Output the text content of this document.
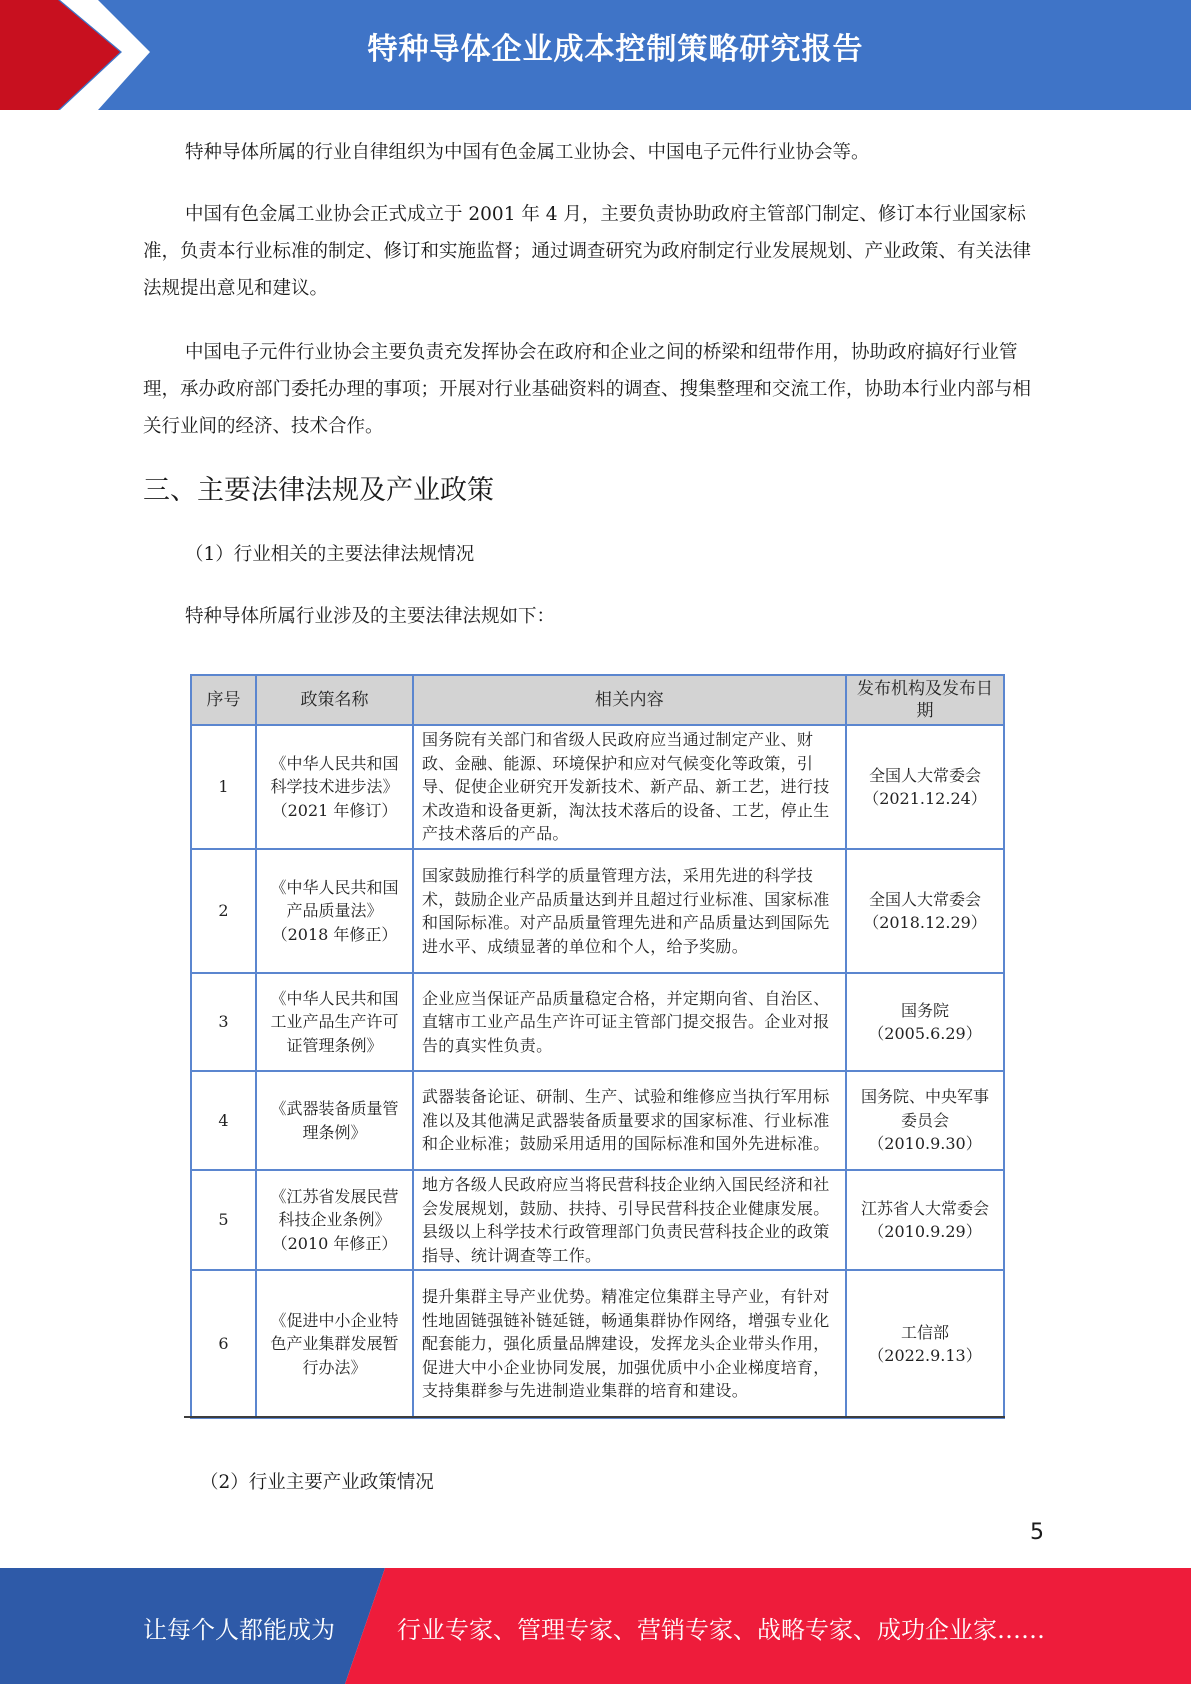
特种导体企业成本控制策略研究报告

特种导体所属的行业自律组织为中国有色金属工业协会、中国电子元件行业协会等。

中国有色金属工业协会正式成立于 2001 年 4 月，主要负责协助政府主管部门制定、修订本行业国家标准，负责本行业标准的制定、修订和实施监督；通过调查研究为政府制定行业发展规划、产业政策、有关法律法规提出意见和建议。

中国电子元件行业协会主要负责充发挥协会在政府和企业之间的桥梁和纽带作用，协助政府搞好行业管理，承办政府部门委托办理的事项；开展对行业基础资料的调查、搜集整理和交流工作，协助本行业内部与相关行业间的经济、技术合作。

三、主要法律法规及产业政策

（1）行业相关的主要法律法规情况

特种导体所属行业涉及的主要法律法规如下：

序号	政策名称	相关内容	发布机构及发布日期
1	《中华人民共和国科学技术进步法》（2021 年修订）	国务院有关部门和省级人民政府应当通过制定产业、财政、金融、能源、环境保护和应对气候变化等政策，引导、促使企业研究开发新技术、新产品、新工艺，进行技术改造和设备更新，淘汰技术落后的设备、工艺，停止生产技术落后的产品。	全国人大常委会
（2021.12.24）

2	《中华人民共和国产品质量法》（2018 年修正）	国家鼓励推行科学的质量管理方法，采用先进的科学技术，鼓励企业产品质量达到并且超过行业标准、国家标准和国际标准。对产品质量管理先进和产品质量达到国际先进水平、成绩显著的单位和个人，给予奖励。	全国人大常委会
（2018.12.29）

3	《中华人民共和国工业产品生产许可证管理条例》	企业应当保证产品质量稳定合格，并定期向省、自治区、直辖市工业产品生产许可证主管部门提交报告。企业对报告的真实性负责。	国务院
（2005.6.29）

4	《武器装备质量管理条例》	武器装备论证、研制、生产、试验和维修应当执行军用标准以及其他满足武器装备质量要求的国家标准、行业标准和企业标准；鼓励采用适用的国际标准和国外先进标准。	国务院、中央军事委员会
（2010.9.30）

5	《江苏省发展民营科技企业条例》（2010 年修正）	地方各级人民政府应当将民营科技企业纳入国民经济和社会发展规划，鼓励、扶持、引导民营科技企业健康发展。县级以上科学技术行政管理部门负责民营科技企业的政策指导、统计调查等工作。	江苏省人大常委会
（2010.9.29）

6	《促进中小企业特色产业集群发展暂行办法》	提升集群主导产业优势。精准定位集群主导产业，有针对性地固链强链补链延链，畅通集群协作网络，增强专业化配套能力，强化质量品牌建设，发挥龙头企业带头作用，促进大中小企业协同发展，加强优质中小企业梯度培育，支持集群参与先进制造业集群的培育和建设。	工信部
（2022.9.13）

（2）行业主要产业政策情况

5
让每个人都能成为	行业专家、管理专家、营销专家、战略专家、成功企业家……
